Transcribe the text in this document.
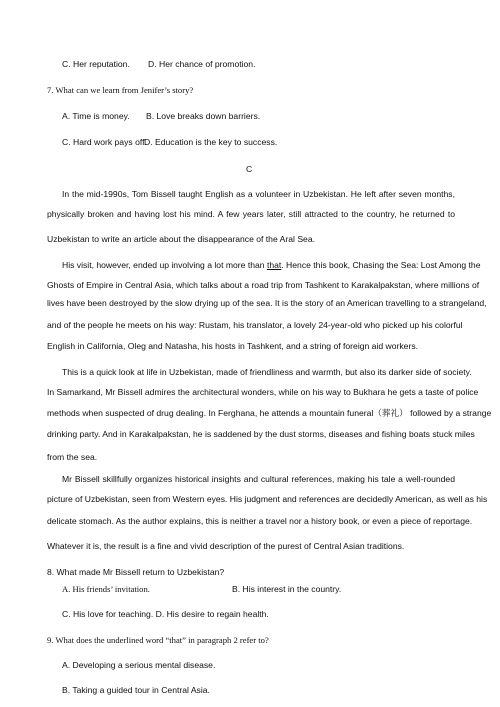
C. Her reputation. D. Her chance of promotion.
7. What can we learn from Jenifer’s story?
A. Time is money. B. Love breaks down barriers.
C. Hard work pays off.
D. Education is the key to success.
C
In the mid-1990s, Tom Bissell taught English as a volunteer in Uzbekistan. He left after seven months,
physically broken and having lost his mind. A few years later, still attracted to the country, he returned to
Uzbekistan to write an article about the disappearance of the Aral Sea.
His visit, however, ended up involving a lot more than that. Hence this book, Chasing the Sea: Lost Among the
Ghosts of Empire in Central Asia, which talks about a road trip from Tashkent to Karakalpakstan, where millions of
lives have been destroyed by the slow drying up of the sea. It is the story of an American travelling to a strangeland,
and of the people he meets on his way: Rustam, his translator, a lovely 24-year-old who picked up his colorful
English in California, Oleg and Natasha, his hosts in Tashkent, and a string of foreign aid workers.
This is a quick look at life in Uzbekistan, made of friendliness and warmth, but also its darker side of society.
In Samarkand, Mr Bissell admires the architectural wonders, while on his way to Bukhara he gets a taste of police
methods when suspected of drug dealing. In Ferghana, he attends a mountain funeral（葬礼） followed by a strange
drinking party. And in Karakalpakstan, he is saddened by the dust storms, diseases and fishing boats stuck miles
from the sea.
Mr Bissell skillfully organizes historical insights and cultural references, making his tale a well-rounded
picture of Uzbekistan, seen from Western eyes. His judgment and references are decidedly American, as well as his
delicate stomach. As the author explains, this is neither a travel nor a history book, or even a piece of reportage.
Whatever it is, the result is a fine and vivid description of the purest of Central Asian traditions.
8. What made Mr Bissell return to Uzbekistan?
A. His friends’ invitation.	B. His interest in the country.
C. His love for teaching. D. His desire to regain health.
9. What does the underlined word “that” in paragraph 2 refer to?
A. Developing a serious mental disease.
B. Taking a guided tour in Central Asia.
